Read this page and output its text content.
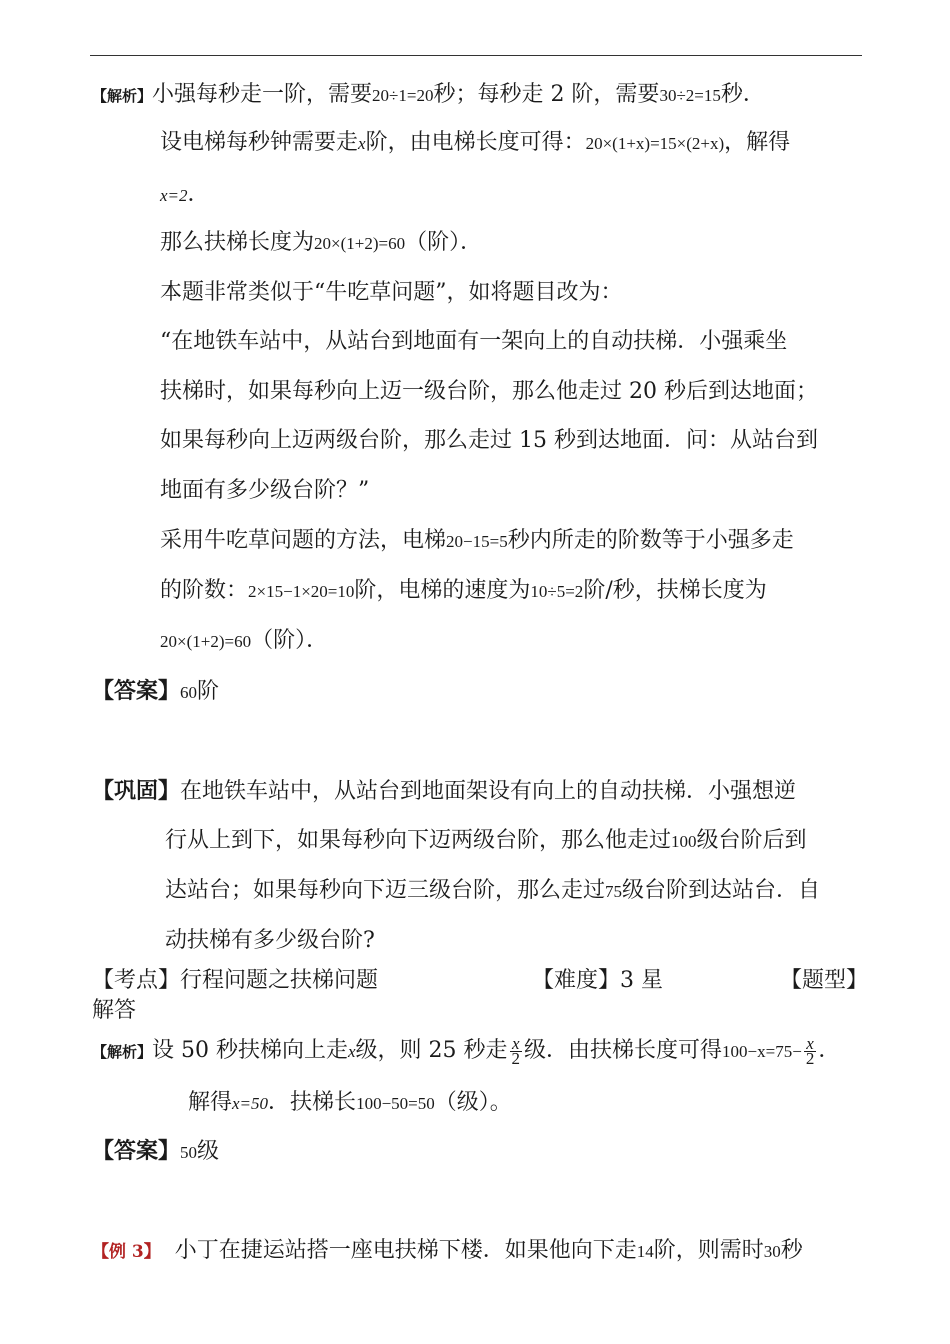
【解析】小强每秒走一阶，需要20÷1=20秒；每秒走 2 阶，需要30÷2=15秒．
设电梯每秒钟需要走x阶，由电梯长度可得：20×(1+x)=15×(2+x)，解得
x=2．
那么扶梯长度为20×(1+2)=60（阶）．
本题非常类似于“牛吃草问题”，如将题目改为：
“在地铁车站中，从站台到地面有一架向上的自动扶梯．小强乘坐
扶梯时，如果每秒向上迈一级台阶，那么他走过 20 秒后到达地面；
如果每秒向上迈两级台阶，那么走过 15 秒到达地面．问：从站台到
地面有多少级台阶？”
采用牛吃草问题的方法，电梯20−15=5秒内所走的阶数等于小强多走
的阶数：2×15−1×20=10阶，电梯的速度为10÷5=2阶/秒，扶梯长度为
20×(1+2)=60（阶）．
【答案】60阶
【巩固】在地铁车站中，从站台到地面架设有向上的自动扶梯．小强想逆
行从上到下，如果每秒向下迈两级台阶，那么他走过100级台阶后到
达站台；如果每秒向下迈三级台阶，那么走过75级台阶到达站台．自
动扶梯有多少级台阶?
【考点】行程问题之扶梯问题	【难度】3 星	【题型】
解答
【解析】设 50 秒扶梯向上走x级，则 25 秒走 $\frac{x}{2}$ 级．由扶梯长度可得$100-x=75- \frac{x}{2}$ ．
解得x=50．扶梯长100−50=50（级）。
【答案】50级
【例 3】 小丁在捷运站搭一座电扶梯下楼．如果他向下走14阶，则需时30秒
